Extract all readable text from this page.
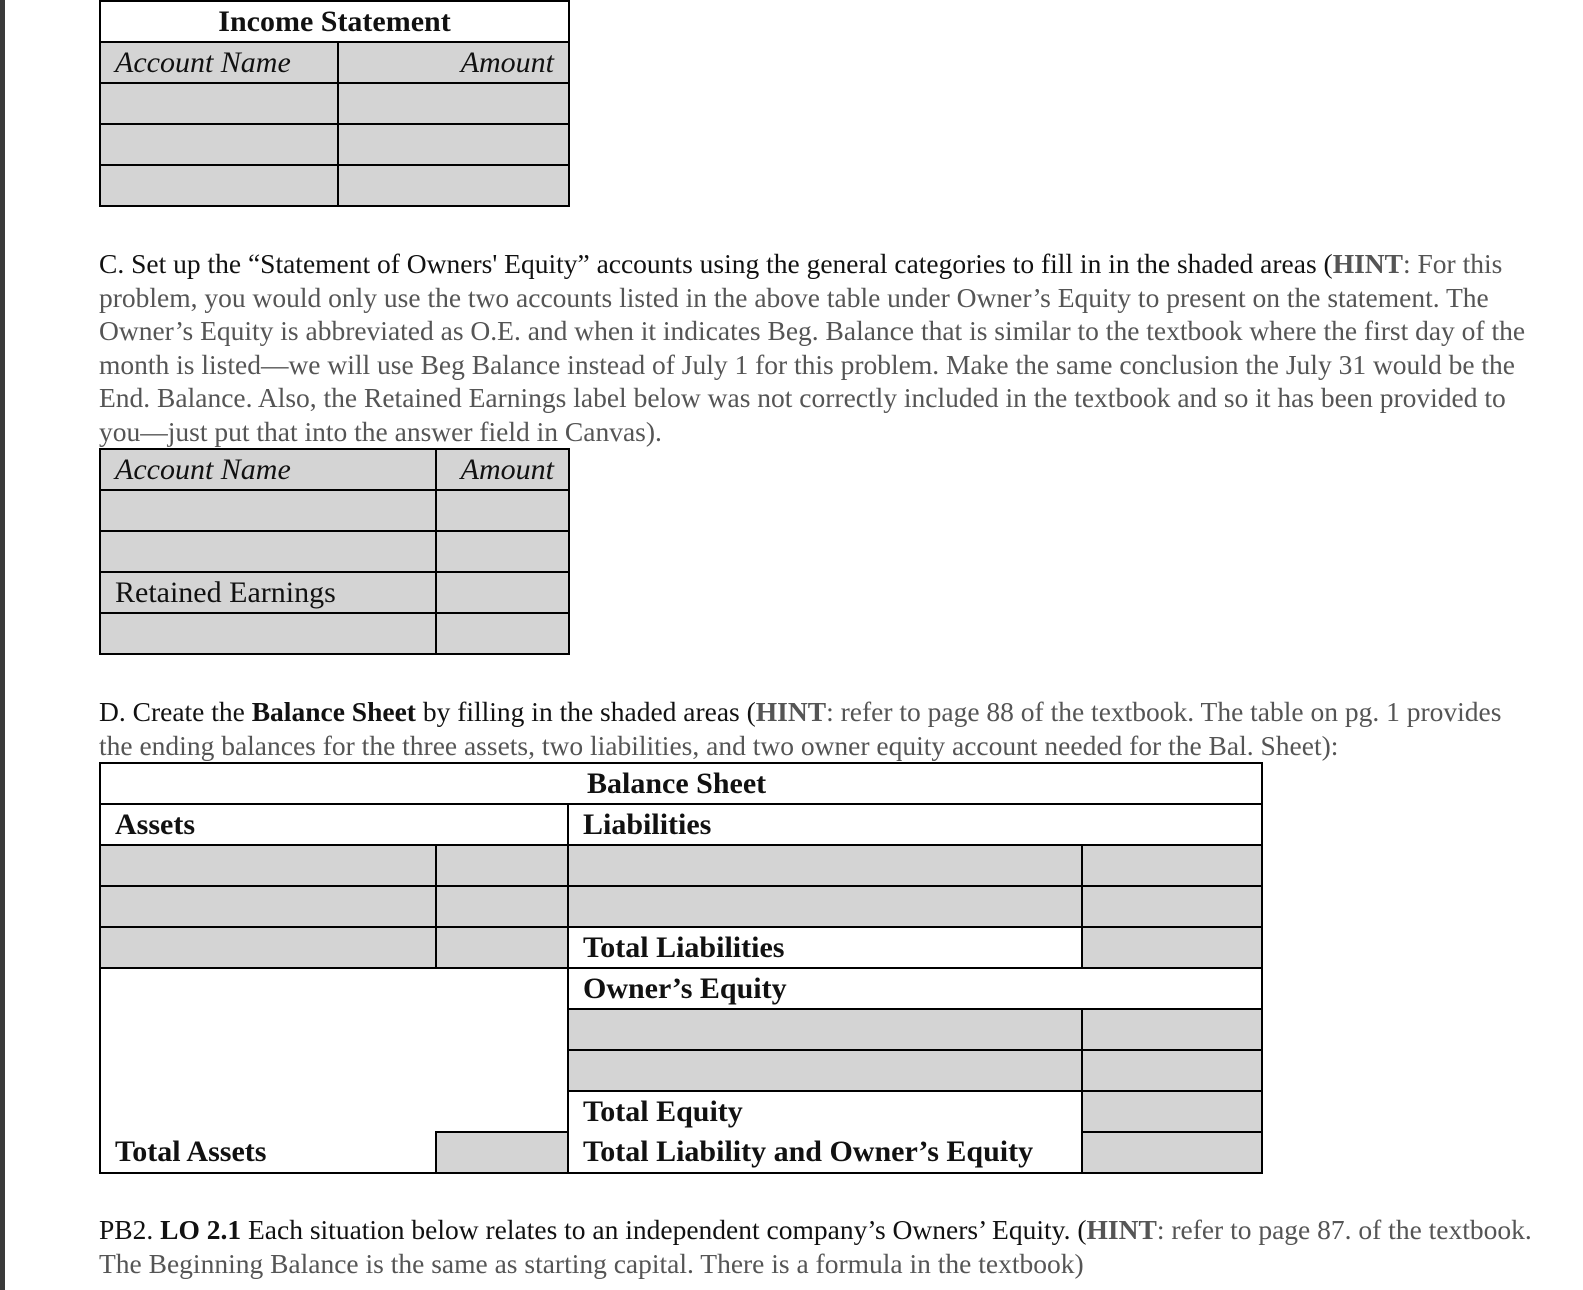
Income Statement	
Account Name	Amount

C. Set up the “Statement of Owners' Equity” accounts using the general categories to fill in in the shaded areas (HINT: For this problem, you would only use the two accounts listed in the above table under Owner’s Equity to present on the statement. The Owner’s Equity is abbreviated as O.E. and when it indicates Beg. Balance that is similar to the textbook where the first day of the month is listed—we will use Beg Balance instead of July 1 for this problem. Make the same conclusion the July 31 would be the End. Balance. Also, the Retained Earnings label below was not correctly included in the textbook and so it has been provided to you—just put that into the answer field in Canvas).
Account Name	Amount

Retained Earnings	

D. Create the Balance Sheet by filling in the shaded areas (HINT: refer to page 88 of the textbook. The table on pg. 1 provides the ending balances for the three assets, two liabilities, and two owner equity account needed for the Bal. Sheet):
Balance Sheet			
Assets		Liabilities	

		Total Liabilities	
		Owner’s Equity	

		Total Equity	
Total Assets		Total Liability and Owner’s Equity	
PB2. LO 2.1 Each situation below relates to an independent company’s Owners’ Equity. (HINT: refer to page 87. of the textbook. The Beginning Balance is the same as starting capital. There is a formula in the textbook)
